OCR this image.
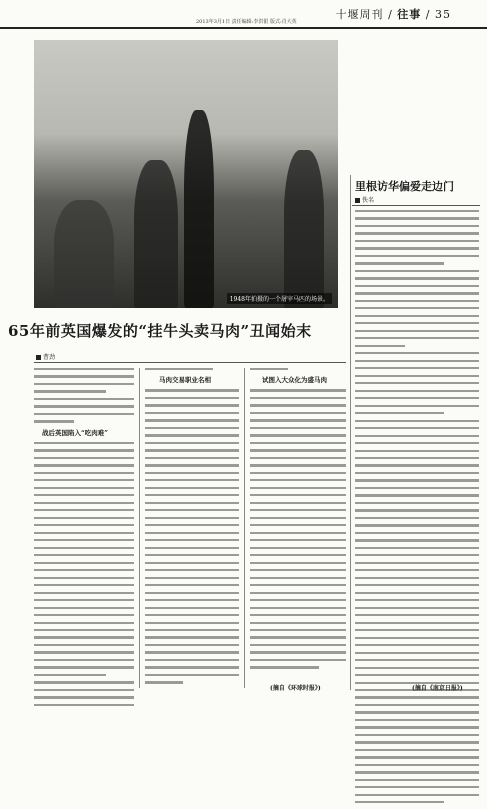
十堰周刊 / 往事 / 35
2013年3月1日 责任编辑:李洪银 版式:肖大英
1948年拍摄的一个屠宰马匹的场景。
里根访华偏爱走边门
佚名
(摘自《南京日报》)
65年前英国爆发的“挂牛头卖马肉”丑闻始末
曹劲
战后英国陷入“吃肉难”
马肉交易职业名相	试图入大众化为盛马肉
(摘自《环球时报》)
